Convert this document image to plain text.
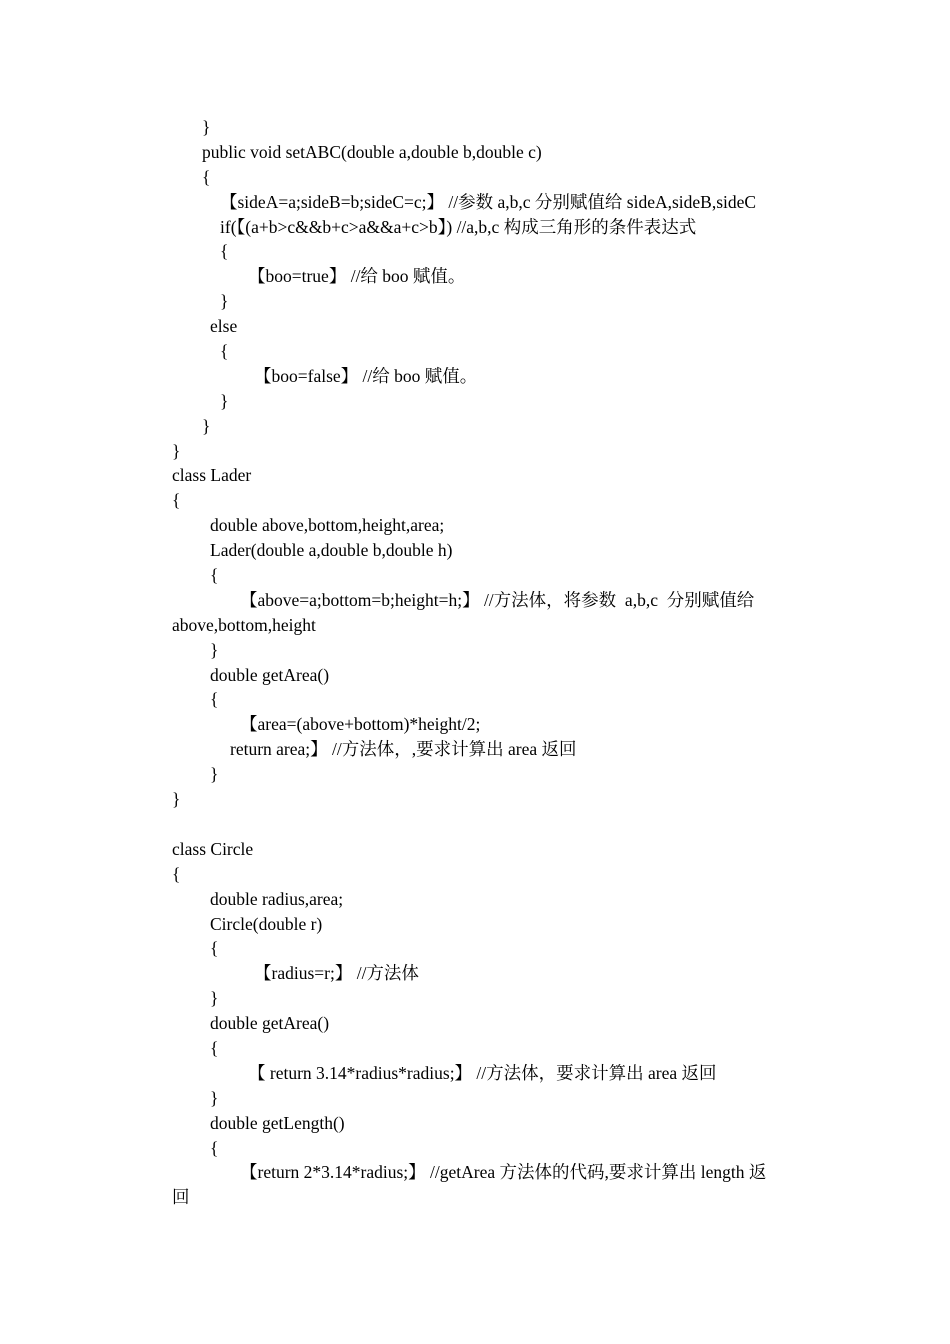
}
public void setABC(double a,double b,double c)
{
【sideA=a;sideB=b;sideC=c;】 //参数 a,b,c 分别赋值给 sideA,sideB,sideC
if(【(a+b>c&&b+c>a&&a+c>b】) //a,b,c 构成三角形的条件表达式
{
【boo=true】 //给 boo 赋值。
}
else
{
【boo=false】 //给 boo 赋值。
}
}
}
class Lader
{
double above,bottom,height,area;
Lader(double a,double b,double h)
{
【above=a;bottom=b;height=h;】 //方法体，将参数  a,b,c  分别赋值给
above,bottom,height
}
double getArea()
{
【area=(above+bottom)*height/2;
return area;】 //方法体，,要求计算出 area 返回
}
}
class Circle
{
double radius,area;
Circle(double r)
{
【radius=r;】 //方法体
}
double getArea()
{
【 return 3.14*radius*radius;】 //方法体，要求计算出 area 返回
}
double getLength()
{
【return 2*3.14*radius;】 //getArea 方法体的代码,要求计算出 length 返
回
